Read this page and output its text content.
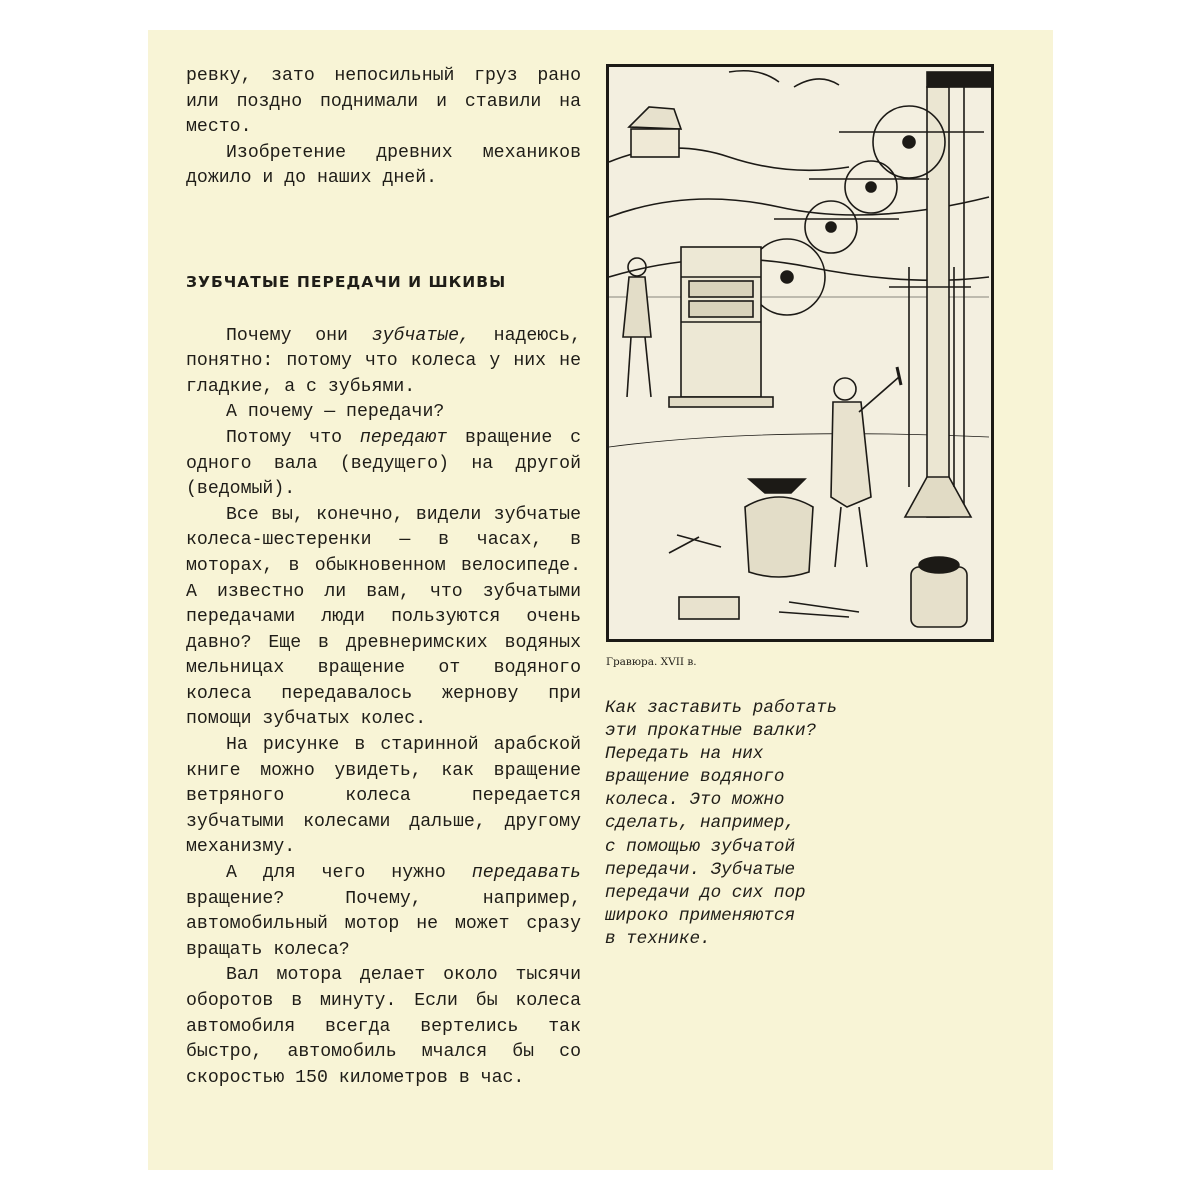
ревку, зато непосильный груз рано или поздно поднимали и ставили на место.

Изобретение древних механиков дожило и до наших дней.

ЗУБЧАТЫЕ ПЕРЕДАЧИ И ШКИВЫ

Почему они зубчатые, надеюсь, понятно: потому что колеса у них не гладкие, а с зубьями.

А почему — передачи?

Потому что передают вращение с одного вала (ведущего) на другой (ведомый).

Все вы, конечно, видели зубчатые колеса-шестеренки — в часах, в моторах, в обыкновенном велосипеде. А известно ли вам, что зубчатыми передачами люди пользуются очень давно? Еще в древнеримских водяных мельницах вращение от водяного колеса передавалось жернову при помощи зубчатых колес.

На рисунке в старинной арабской книге можно увидеть, как вращение ветряного колеса передается зубчатыми колесами дальше, другому механизму.

А для чего нужно передавать вращение? Почему, например, автомобильный мотор не может сразу вращать колеса?

Вал мотора делает около тысячи оборотов в минуту. Если бы колеса автомобиля всегда вертелись так быстро, автомобиль мчался бы со скоростью 150 километров в час.

Гравюра. XVII в.
Как заставить работать
эти прокатные валки?
Передать на них
вращение водяного
колеса. Это можно
сделать, например,
с помощью зубчатой
передачи. Зубчатые
передачи до сих пор
широко применяются
в технике.
